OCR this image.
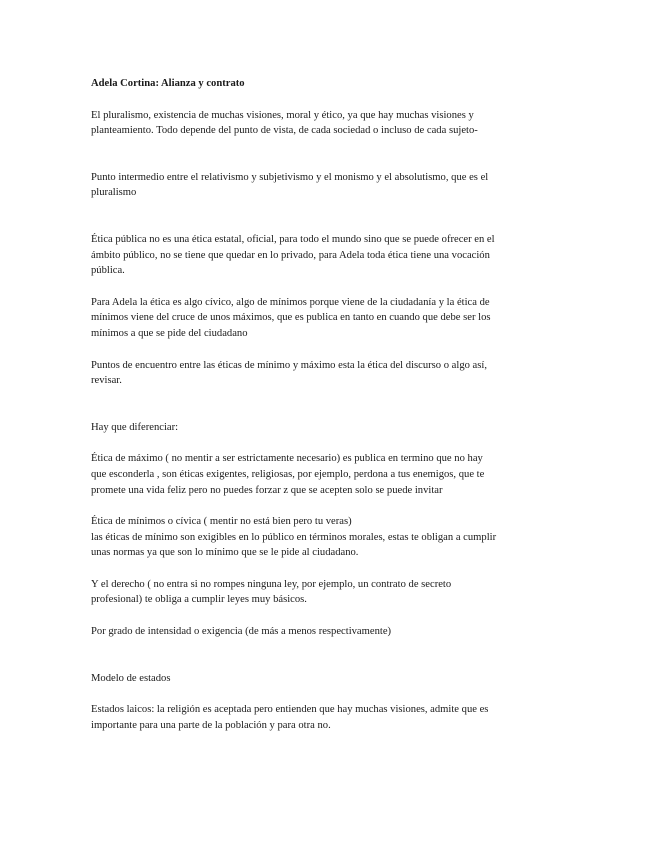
Adela Cortina: Alianza y contrato

El pluralismo, existencia de muchas visiones, moral y ético, ya que hay muchas visiones y
planteamiento. Todo depende del punto de vista, de cada sociedad o incluso de cada sujeto-

Punto intermedio entre el relativismo y subjetivismo y el monismo y el absolutismo, que es el
pluralismo

Ética pública no es una ética estatal, oficial, para todo el mundo sino que se puede ofrecer en el
ámbito público, no se tiene que quedar en lo privado, para Adela toda ética tiene una vocación
pública.

Para Adela la ética es algo cívico, algo de mínimos porque viene de la ciudadanía y la ética de
mínimos viene del cruce de unos máximos, que es publica en tanto en cuando que debe ser los
mínimos a que se pide del ciudadano

Puntos de encuentro entre las éticas de mínimo y máximo esta la ética del discurso o algo así,
revisar.

Hay que diferenciar:

Ética de máximo ( no mentir a ser estrictamente necesario) es publica en termino que no hay
que esconderla , son éticas exigentes, religiosas, por ejemplo, perdona a tus enemigos, que te
promete una vida feliz pero no puedes forzar z que se acepten solo se puede invitar

Ética de mínimos o cívica ( mentir no está bien pero tu veras)
las éticas de mínimo son exigibles en lo público en términos morales, estas te obligan a cumplir
unas normas ya que son lo mínimo que se le pide al ciudadano.

Y el derecho ( no entra si no rompes ninguna ley, por ejemplo, un contrato de secreto
profesional) te obliga a cumplir leyes muy básicos.

Por grado de intensidad o exigencia (de más a menos respectivamente)

Modelo de estados

Estados laicos: la religión es aceptada pero entienden que hay muchas visiones, admite que es
importante para una parte de la población y para otra no.
